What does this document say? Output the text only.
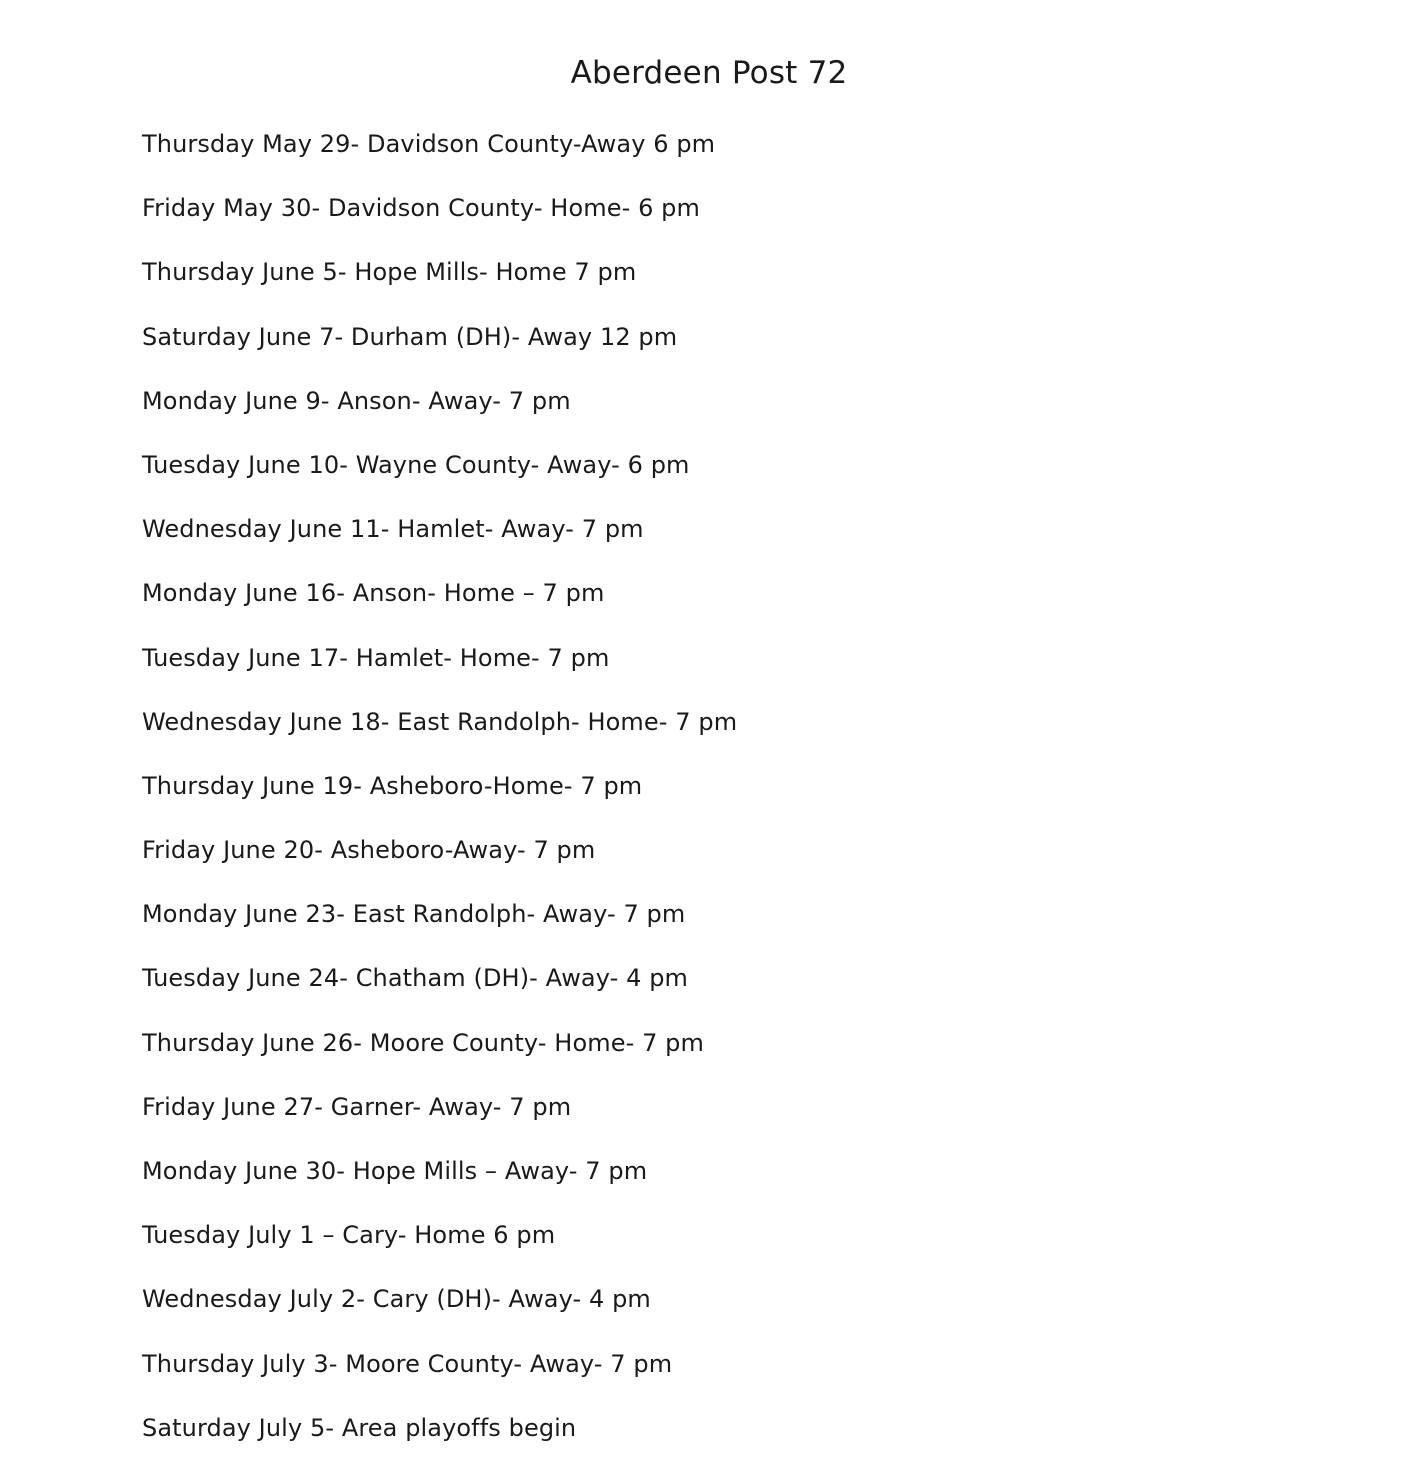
Aberdeen Post 72
Thursday May 29- Davidson County-Away 6 pm
Friday May 30- Davidson County- Home- 6 pm
Thursday June 5- Hope Mills- Home 7 pm
Saturday June 7- Durham (DH)- Away 12 pm
Monday June 9- Anson- Away- 7 pm
Tuesday June 10- Wayne County- Away- 6 pm
Wednesday June 11- Hamlet- Away- 7 pm
Monday June 16- Anson- Home – 7 pm
Tuesday June 17- Hamlet- Home- 7 pm
Wednesday June 18- East Randolph- Home- 7 pm
Thursday June 19- Asheboro-Home- 7 pm
Friday June 20- Asheboro-Away- 7 pm
Monday June 23- East Randolph- Away- 7 pm
Tuesday June 24- Chatham (DH)- Away- 4 pm
Thursday June 26- Moore County- Home- 7 pm
Friday June 27- Garner- Away- 7 pm
Monday June 30- Hope Mills – Away- 7 pm
Tuesday July 1 – Cary- Home 6 pm
Wednesday July 2- Cary (DH)- Away- 4 pm
Thursday July 3- Moore County- Away- 7 pm
Saturday July 5- Area playoffs begin
